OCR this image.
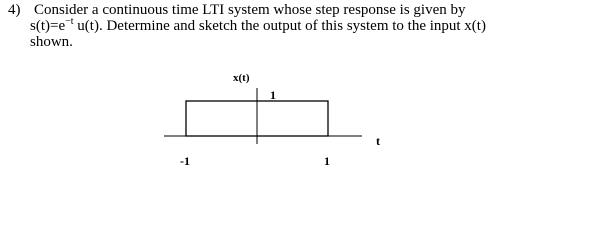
4) Consider a continuous time LTI system whose step response is given by
$s(t)=e^{-t}$ u(t). Determine and sketch the output of this system to the input x(t)
shown.
x(t)
1
t
-1	1
